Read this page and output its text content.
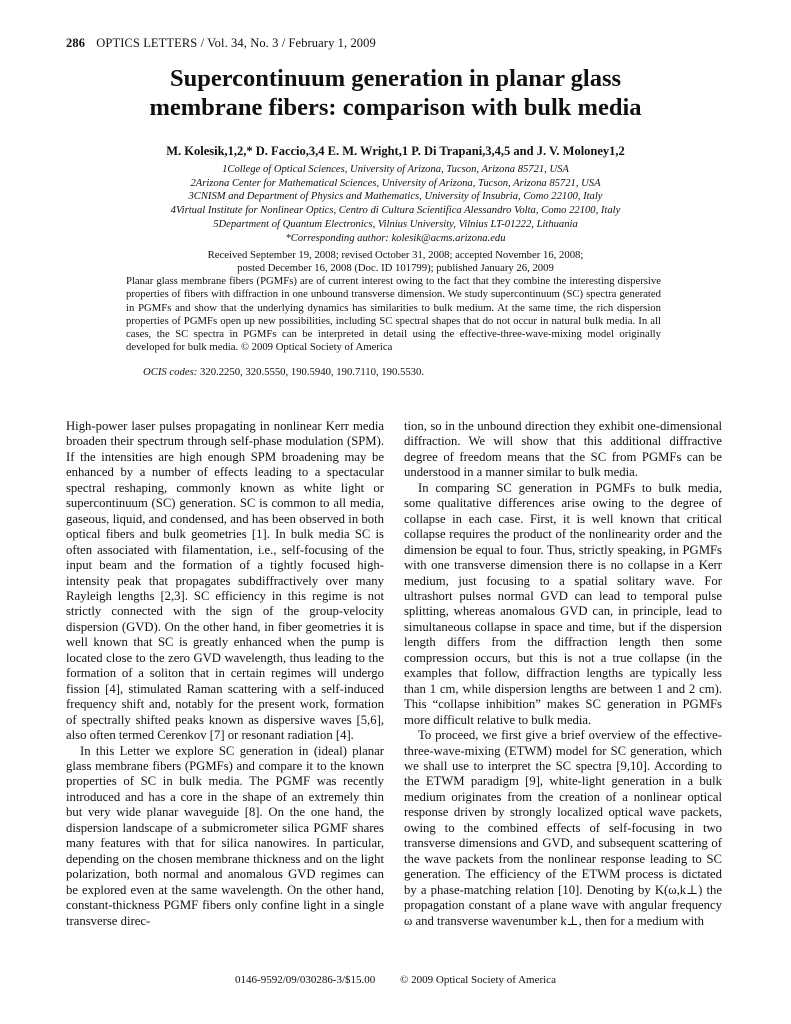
286 OPTICS LETTERS / Vol. 34, No. 3 / February 1, 2009
Supercontinuum generation in planar glass
membrane fibers: comparison with bulk media
M. Kolesik,1,2,* D. Faccio,3,4 E. M. Wright,1 P. Di Trapani,3,4,5 and J. V. Moloney1,2
1College of Optical Sciences, University of Arizona, Tucson, Arizona 85721, USA
2Arizona Center for Mathematical Sciences, University of Arizona, Tucson, Arizona 85721, USA
3CNISM and Department of Physics and Mathematics, University of Insubria, Como 22100, Italy
4Virtual Institute for Nonlinear Optics, Centro di Cultura Scientifica Alessandro Volta, Como 22100, Italy
5Department of Quantum Electronics, Vilnius University, Vilnius LT-01222, Lithuania
*Corresponding author: kolesik@acms.arizona.edu
Received September 19, 2008; revised October 31, 2008; accepted November 16, 2008;
posted December 16, 2008 (Doc. ID 101799); published January 26, 2009
Planar glass membrane fibers (PGMFs) are of current interest owing to the fact that they combine the interesting dispersive properties of fibers with diffraction in one unbound transverse dimension. We study supercontinuum (SC) spectra generated in PGMFs and show that the underlying dynamics has similarities to bulk medium. At the same time, the rich dispersion properties of PGMFs open up new possibilities, including SC spectral shapes that do not occur in natural bulk media. In all cases, the SC spectra in PGMFs can be interpreted in detail using the effective-three-wave-mixing model originally developed for bulk media. © 2009 Optical Society of America
OCIS codes: 320.2250, 320.5550, 190.5940, 190.7110, 190.5530.

High-power laser pulses propagating in nonlinear Kerr media broaden their spectrum through self-phase modulation (SPM). If the intensities are high enough SPM broadening may be enhanced by a number of effects leading to a spectacular spectral reshaping, commonly known as white light or supercontinuum (SC) generation. SC is common to all media, gaseous, liquid, and condensed, and has been observed in both optical fibers and bulk geometries [1]. In bulk media SC is often associated with filamentation, i.e., self-focusing of the input beam and the formation of a tightly focused high-intensity peak that propagates subdiffractively over many Rayleigh lengths [2,3]. SC efficiency in this regime is not strictly connected with the sign of the group-velocity dispersion (GVD). On the other hand, in fiber geometries it is well known that SC is greatly enhanced when the pump is located close to the zero GVD wavelength, thus leading to the formation of a soliton that in certain regimes will undergo fission [4], stimulated Raman scattering with a self-induced frequency shift and, notably for the present work, formation of spectrally shifted peaks known as dispersive waves [5,6], also often termed Cerenkov [7] or resonant radiation [4].

In this Letter we explore SC generation in (ideal) planar glass membrane fibers (PGMFs) and compare it to the known properties of SC in bulk media. The PGMF was recently introduced and has a core in the shape of an extremely thin but very wide planar waveguide [8]. On the one hand, the dispersion landscape of a submicrometer silica PGMF shares many features with that for silica nanowires. In particular, depending on the chosen membrane thickness and on the light polarization, both normal and anomalous GVD regimes can be explored even at the same wavelength. On the other hand, constant-thickness PGMF fibers only confine light in a single transverse direc-

tion, so in the unbound direction they exhibit one-dimensional diffraction. We will show that this additional diffractive degree of freedom means that the SC from PGMFs can be understood in a manner similar to bulk media.

In comparing SC generation in PGMFs to bulk media, some qualitative differences arise owing to the degree of collapse in each case. First, it is well known that critical collapse requires the product of the nonlinearity order and the dimension be equal to four. Thus, strictly speaking, in PGMFs with one transverse dimension there is no collapse in a Kerr medium, just focusing to a spatial solitary wave. For ultrashort pulses normal GVD can lead to temporal pulse splitting, whereas anomalous GVD can, in principle, lead to simultaneous collapse in space and time, but if the dispersion length differs from the diffraction length then some compression occurs, but this is not a true collapse (in the examples that follow, diffraction lengths are typically less than 1 cm, while dispersion lengths are between 1 and 2 cm). This “collapse inhibition” makes SC generation in PGMFs more difficult relative to bulk media.

To proceed, we first give a brief overview of the effective-three-wave-mixing (ETWM) model for SC generation, which we shall use to interpret the SC spectra [9,10]. According to the ETWM paradigm [9], white-light generation in a bulk medium originates from the creation of a nonlinear optical response driven by strongly localized optical wave packets, owing to the combined effects of self-focusing in two transverse dimensions and GVD, and subsequent scattering of the wave packets from the nonlinear response leading to SC generation. The efficiency of the ETWM process is dictated by a phase-matching relation [10]. Denoting by K(ω,k⊥) the propagation constant of a plane wave with angular frequency ω and transverse wavenumber k⊥, then for a medium with

0146-9592/09/030286-3/$15.00 © 2009 Optical Society of America
